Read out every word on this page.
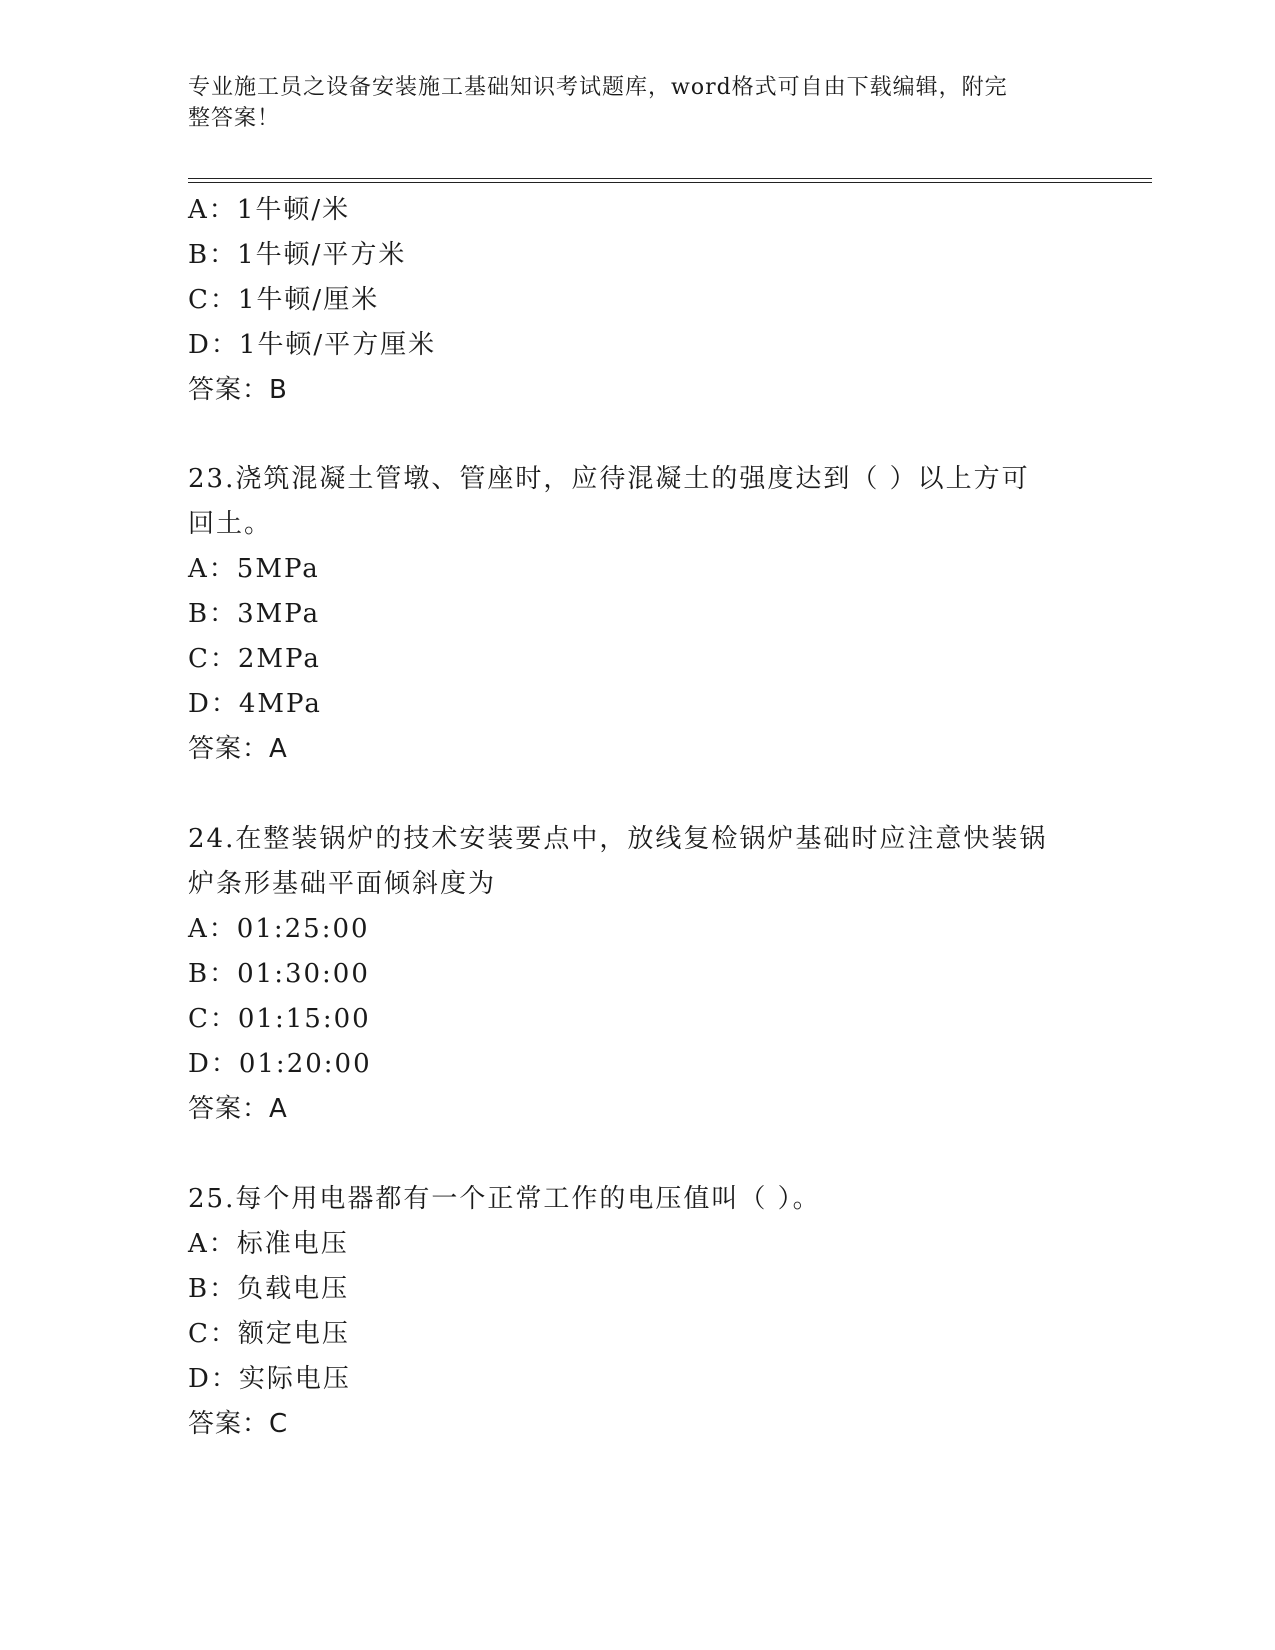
专业施工员之设备安装施工基础知识考试题库，word格式可自由下载编辑，附完
整答案！
A：1牛顿/米
B：1牛顿/平方米
C：1牛顿/厘米
D：1牛顿/平方厘米
答案：B
23.浇筑混凝土管墩、管座时，应待混凝土的强度达到（ ）以上方可
回土。
A：5MPa
B：3MPa
C：2MPa
D：4MPa
答案：A
24.在整装锅炉的技术安装要点中，放线复检锅炉基础时应注意快装锅
炉条形基础平面倾斜度为
A：01:25:00
B：01:30:00
C：01:15:00
D：01:20:00
答案：A
25.每个用电器都有一个正常工作的电压值叫（ ）。
A：标准电压
B：负载电压
C：额定电压
D：实际电压
答案：C
